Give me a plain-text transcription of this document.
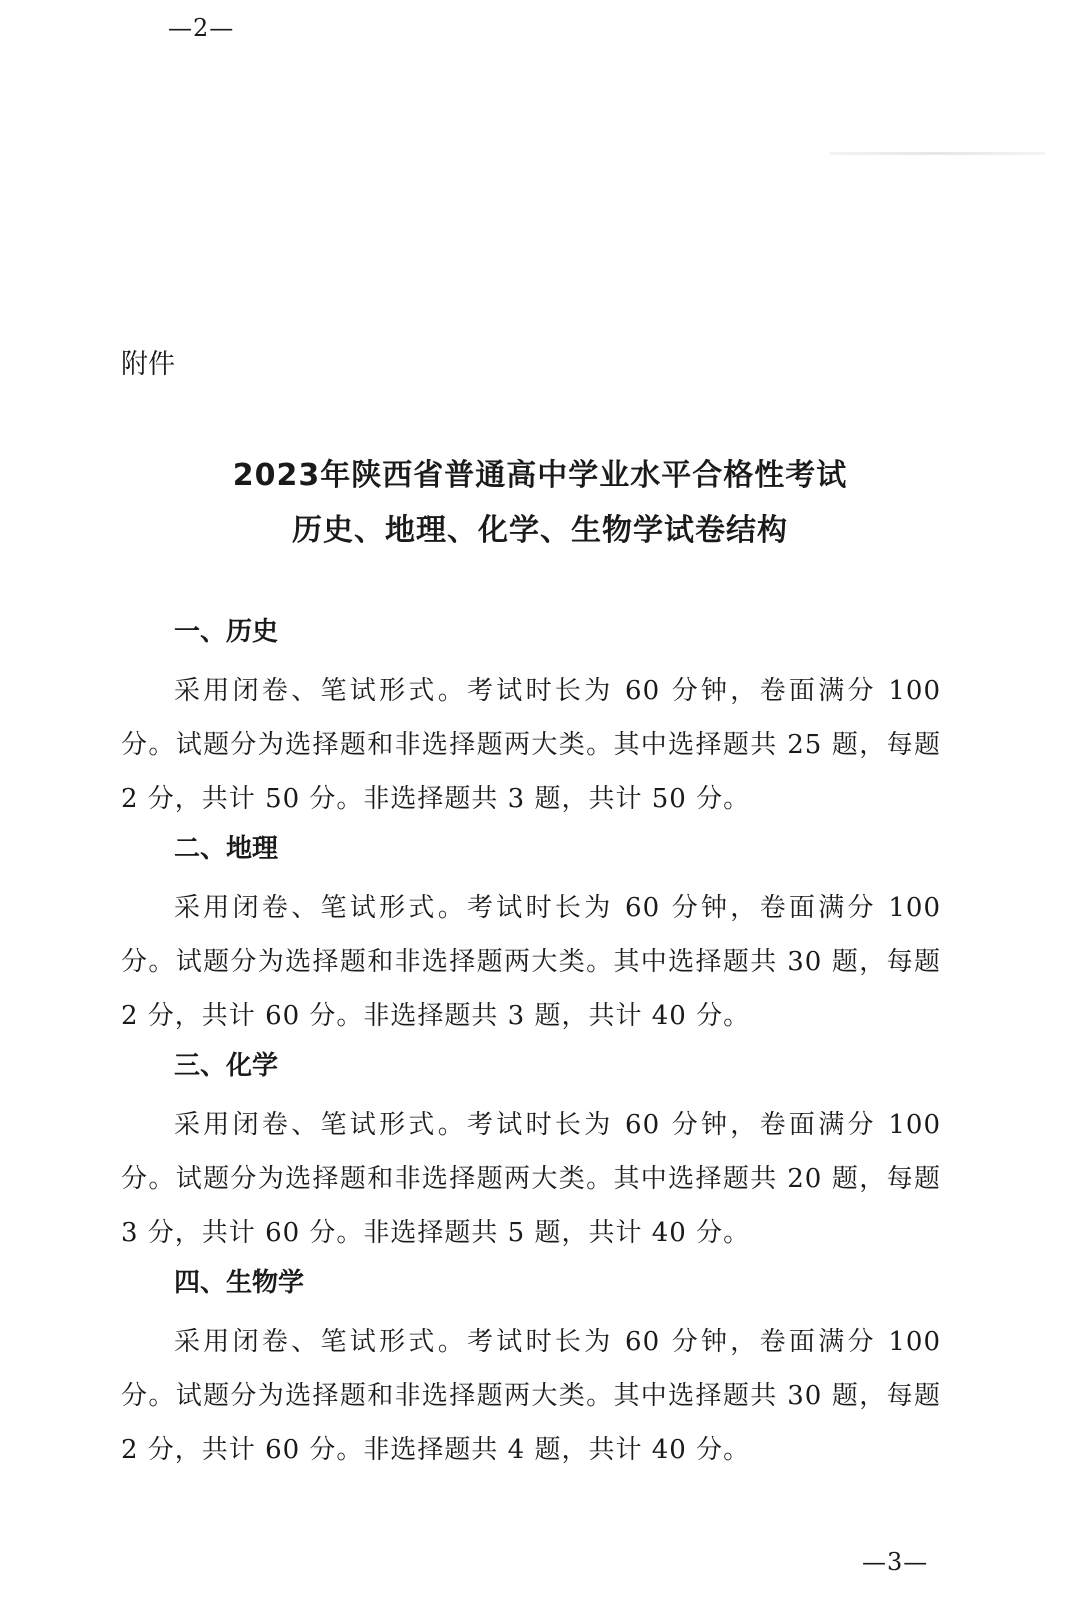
—2—
附件
2023年陕西省普通高中学业水平合格性考试
历史、地理、化学、生物学试卷结构
一、历史
采用闭卷、笔试形式。考试时长为 60 分钟，卷面满分 100 分。试题分为选择题和非选择题两大类。其中选择题共 25 题，每题 2 分，共计 50 分。非选择题共 3 题，共计 50 分。
二、地理
采用闭卷、笔试形式。考试时长为 60 分钟，卷面满分 100 分。试题分为选择题和非选择题两大类。其中选择题共 30 题，每题 2 分，共计 60 分。非选择题共 3 题，共计 40 分。
三、化学
采用闭卷、笔试形式。考试时长为 60 分钟，卷面满分 100 分。试题分为选择题和非选择题两大类。其中选择题共 20 题，每题 3 分，共计 60 分。非选择题共 5 题，共计 40 分。
四、生物学
采用闭卷、笔试形式。考试时长为 60 分钟，卷面满分 100 分。试题分为选择题和非选择题两大类。其中选择题共 30 题，每题 2 分，共计 60 分。非选择题共 4 题，共计 40 分。
—3—
